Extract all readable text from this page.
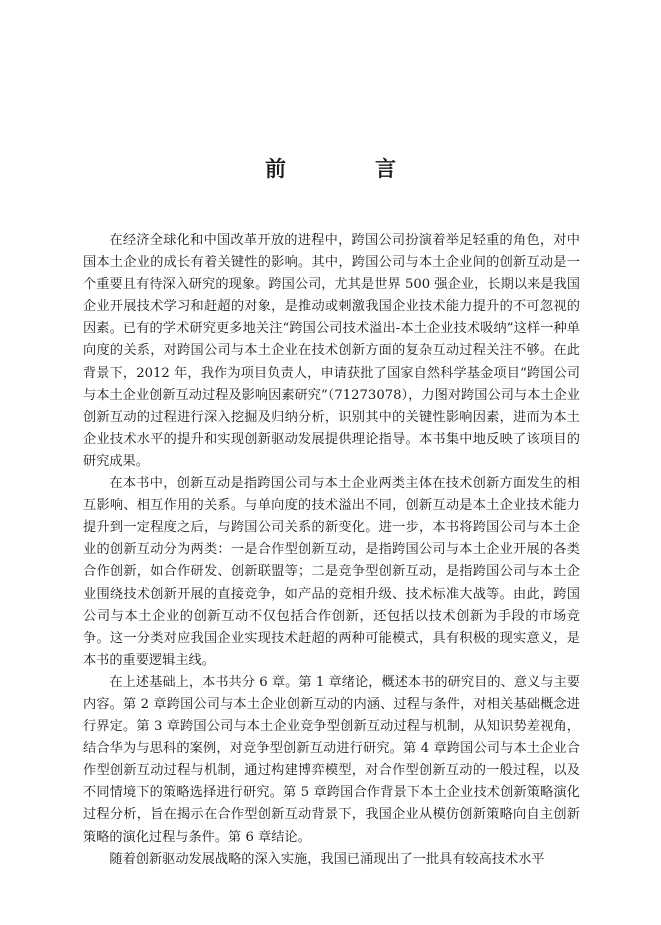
前　言

在经济全球化和中国改革开放的进程中，跨国公司扮演着举足轻重的角色，对中国本土企业的成长有着关键性的影响。其中，跨国公司与本土企业间的创新互动是一个重要且有待深入研究的现象。跨国公司，尤其是世界 500 强企业，长期以来是我国企业开展技术学习和赶超的对象，是推动或刺激我国企业技术能力提升的不可忽视的因素。已有的学术研究更多地关注“跨国公司技术溢出-本土企业技术吸纳”这样一种单向度的关系，对跨国公司与本土企业在技术创新方面的复杂互动过程关注不够。在此背景下，2012 年，我作为项目负责人，申请获批了国家自然科学基金项目“跨国公司与本土企业创新互动过程及影响因素研究”（71273078），力图对跨国公司与本土企业创新互动的过程进行深入挖掘及归纳分析，识别其中的关键性影响因素，进而为本土企业技术水平的提升和实现创新驱动发展提供理论指导。本书集中地反映了该项目的研究成果。

在本书中，创新互动是指跨国公司与本土企业两类主体在技术创新方面发生的相互影响、相互作用的关系。与单向度的技术溢出不同，创新互动是本土企业技术能力提升到一定程度之后，与跨国公司关系的新变化。进一步，本书将跨国公司与本土企业的创新互动分为两类：一是合作型创新互动，是指跨国公司与本土企业开展的各类合作创新，如合作研发、创新联盟等；二是竞争型创新互动，是指跨国公司与本土企业围绕技术创新开展的直接竞争，如产品的竞相升级、技术标准大战等。由此，跨国公司与本土企业的创新互动不仅包括合作创新，还包括以技术创新为手段的市场竞争。这一分类对应我国企业实现技术赶超的两种可能模式，具有积极的现实意义，是本书的重要逻辑主线。

在上述基础上，本书共分 6 章。第 1 章绪论，概述本书的研究目的、意义与主要内容。第 2 章跨国公司与本土企业创新互动的内涵、过程与条件，对相关基础概念进行界定。第 3 章跨国公司与本土企业竞争型创新互动过程与机制，从知识势差视角，结合华为与思科的案例，对竞争型创新互动进行研究。第 4 章跨国公司与本土企业合作型创新互动过程与机制，通过构建博弈模型，对合作型创新互动的一般过程，以及不同情境下的策略选择进行研究。第 5 章跨国合作背景下本土企业技术创新策略演化过程分析，旨在揭示在合作型创新互动背景下，我国企业从模仿创新策略向自主创新策略的演化过程与条件。第 6 章结论。

随着创新驱动发展战略的深入实施，我国已涌现出了一批具有较高技术水平
